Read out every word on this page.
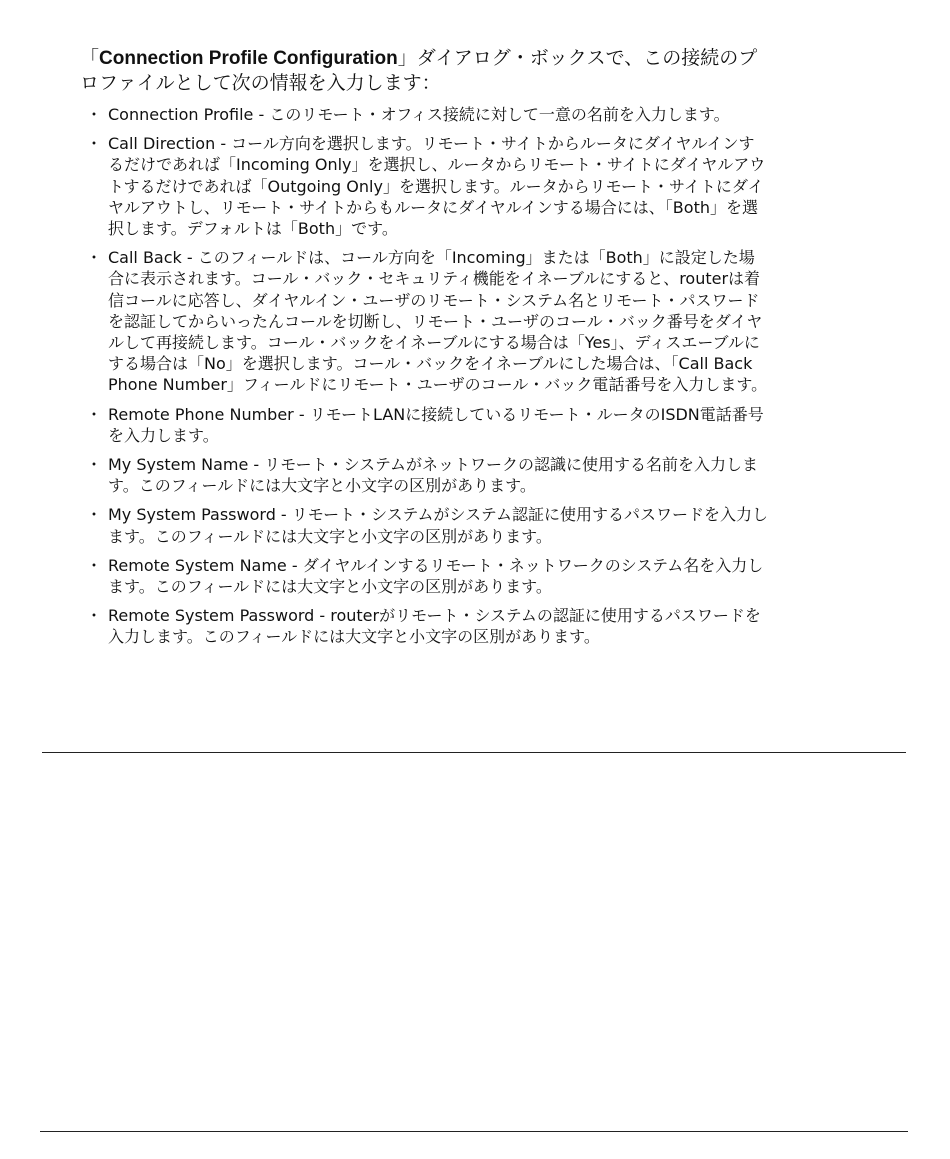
「Connection Profile Configuration」ダイアログ・ボックスで、この接続のプロファイルとして次の情報を入力します：

・ Connection Profile - このリモート・オフィス接続に対して一意の名前を入力します。
・ Call Direction - コール方向を選択します。リモート・サイトからルータにダイヤルインするだけであれば「Incoming Only」を選択し、ルータからリモート・サイトにダイヤルアウトするだけであれば「Outgoing Only」を選択します。ルータからリモート・サイトにダイヤルアウトし、リモート・サイトからもルータにダイヤルインする場合には、「Both」を選択します。デフォルトは「Both」です。
・ Call Back - このフィールドは、コール方向を「Incoming」または「Both」に設定した場合に表示されます。コール・バック・セキュリティ機能をイネーブルにすると、routerは着信コールに応答し、ダイヤルイン・ユーザのリモート・システム名とリモート・パスワードを認証してからいったんコールを切断し、リモート・ユーザのコール・バック番号をダイヤルして再接続します。コール・バックをイネーブルにする場合は「Yes」、ディスエーブルにする場合は「No」を選択します。コール・バックをイネーブルにした場合は、「Call Back Phone Number」フィールドにリモート・ユーザのコール・バック電話番号を入力します。
・ Remote Phone Number - リモートLANに接続しているリモート・ルータのISDN電話番号を入力します。
・ My System Name - リモート・システムがネットワークの認識に使用する名前を入力します。このフィールドには大文字と小文字の区別があります。
・ My System Password - リモート・システムがシステム認証に使用するパスワードを入力します。このフィールドには大文字と小文字の区別があります。
・ Remote System Name - ダイヤルインするリモート・ネットワークのシステム名を入力します。このフィールドには大文字と小文字の区別があります。
・ Remote System Password - routerがリモート・システムの認証に使用するパスワードを入力します。このフィールドには大文字と小文字の区別があります。
